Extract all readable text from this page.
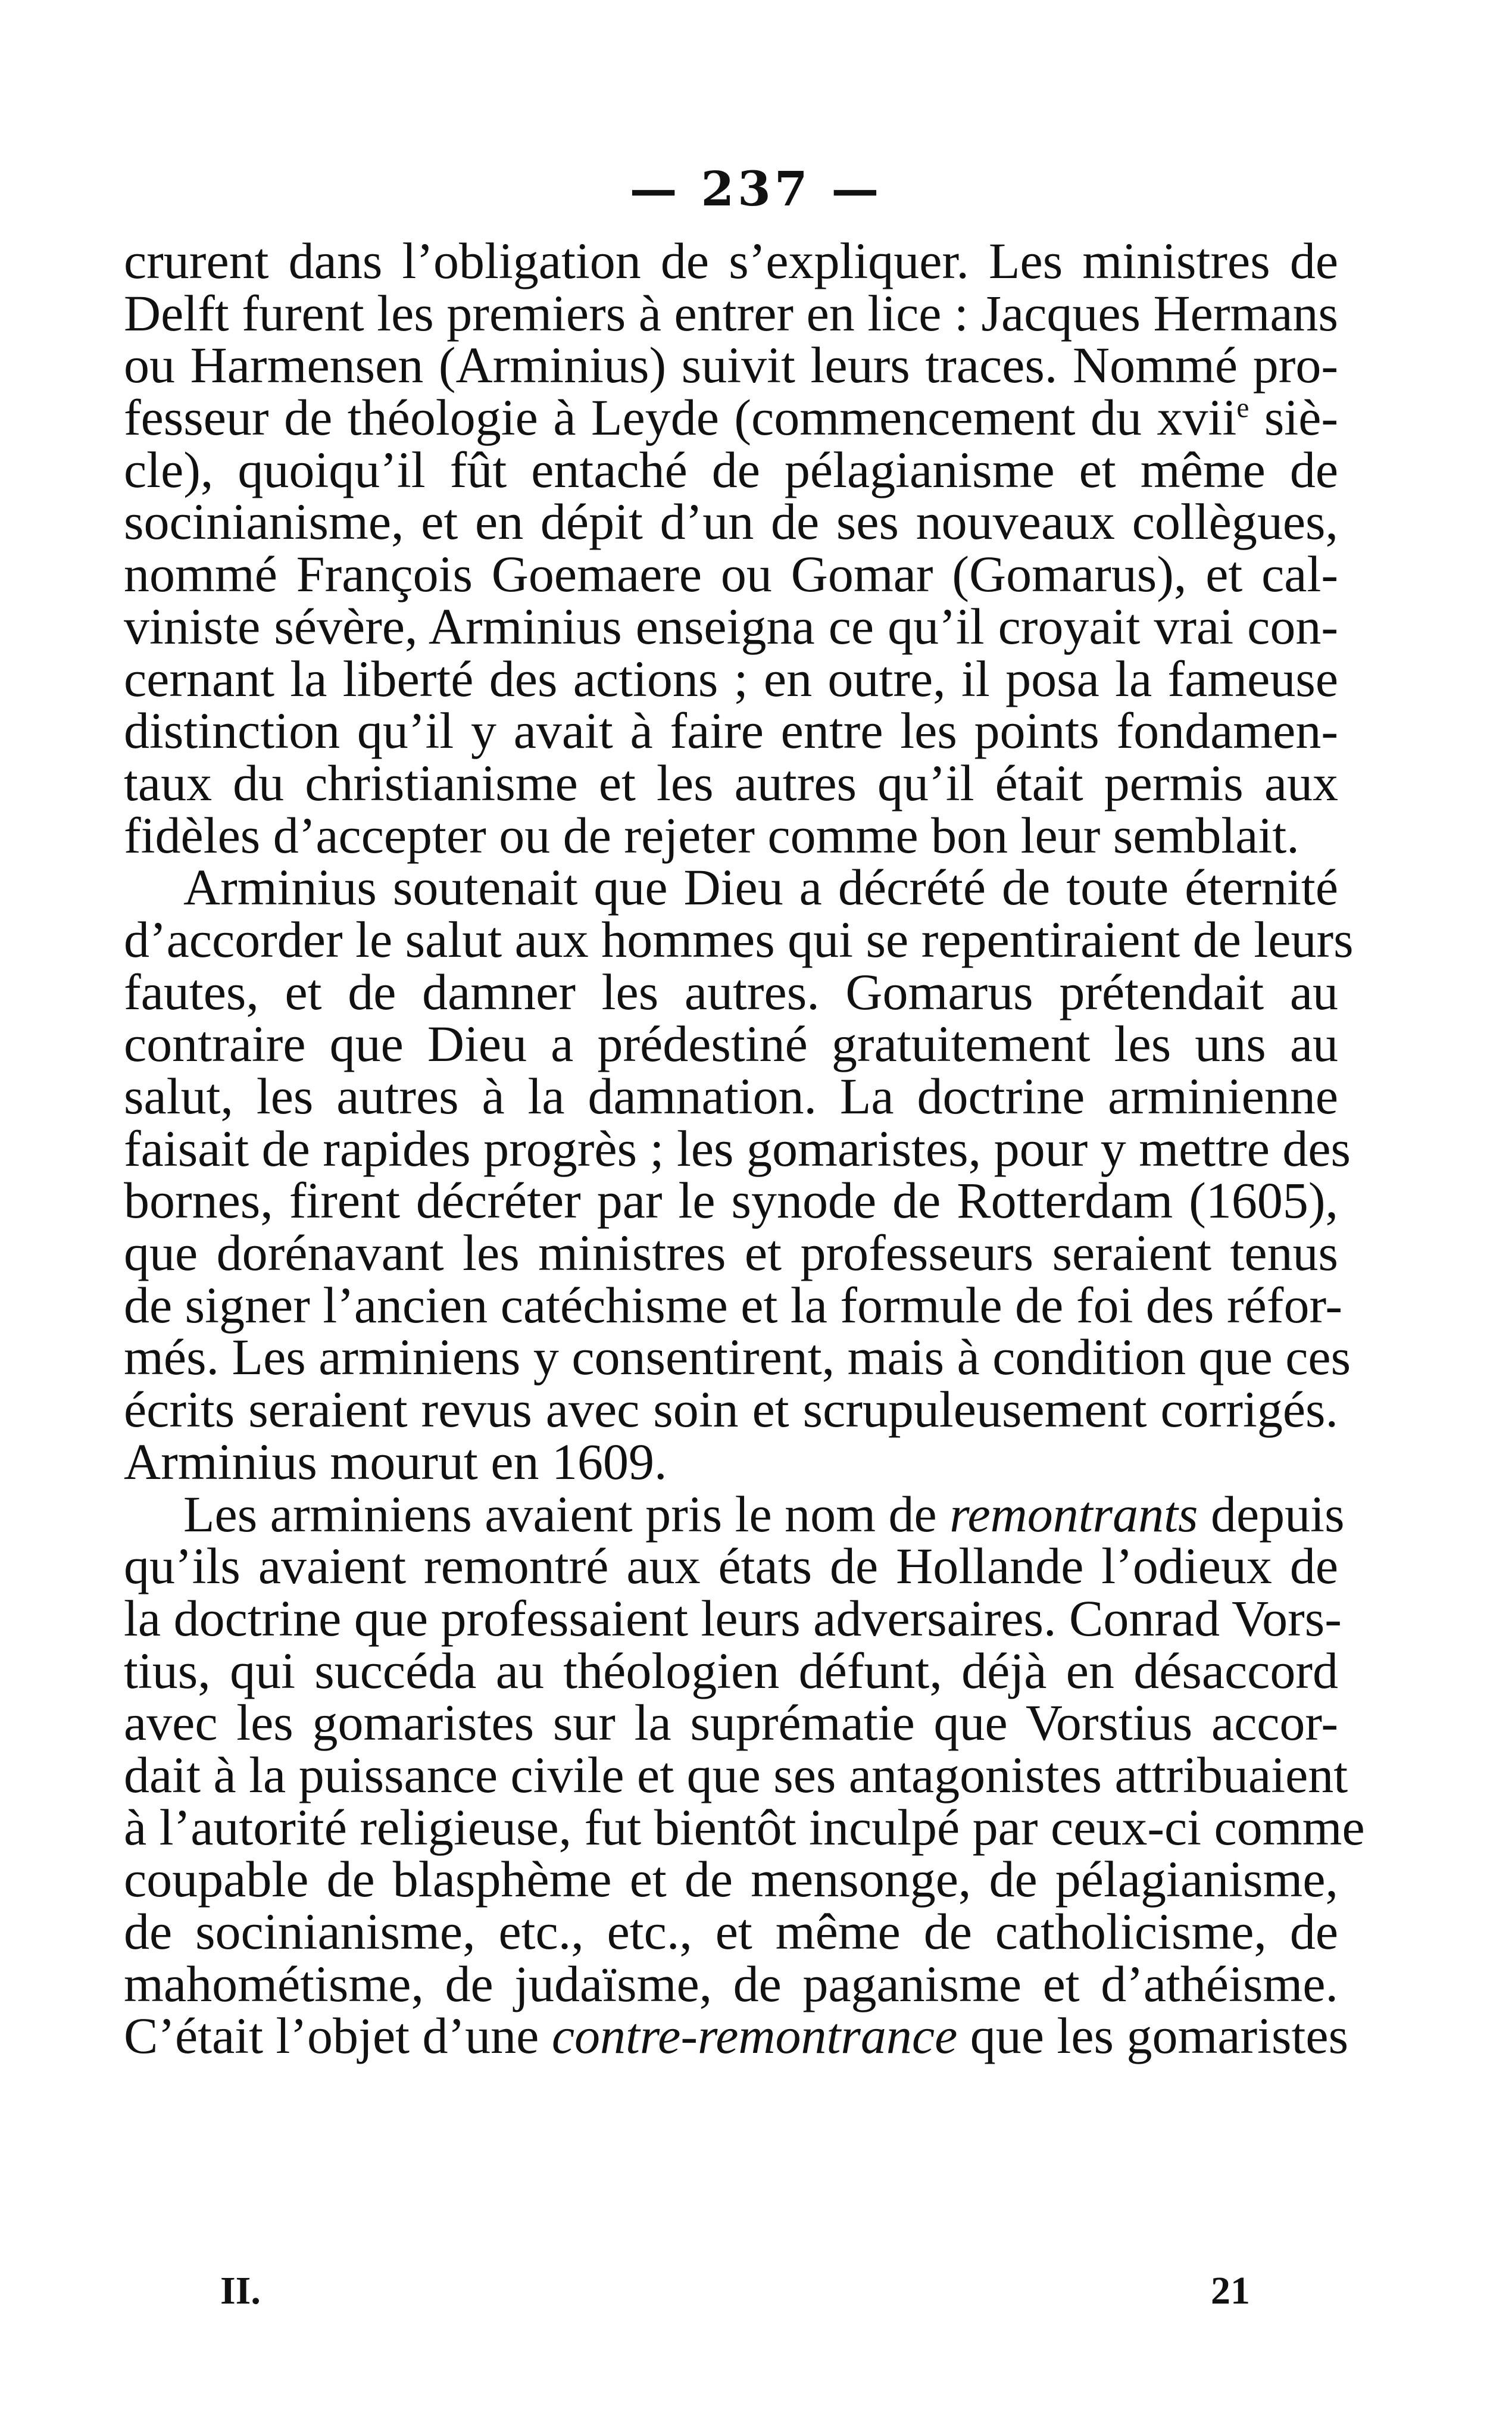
— 237 —

crurent dans l’obligation de s’expliquer. Les ministres de

Delft furent les premiers à entrer en lice : Jacques Hermans

ou Harmensen (Arminius) suivit leurs traces. Nommé pro-

fesseur de théologie à Leyde (commencement du xvii$^e$ siè-

cle), quoiqu’il fût entaché de pélagianisme et même de

socinianisme, et en dépit d’un de ses nouveaux collègues,

nommé François Goemaere ou Gomar (Gomarus), et cal-

viniste sévère, Arminius enseigna ce qu’il croyait vrai con-

cernant la liberté des actions ; en outre, il posa la fameuse

distinction qu’il y avait à faire entre les points fondamen-

taux du christianisme et les autres qu’il était permis aux

fidèles d’accepter ou de rejeter comme bon leur semblait.

Arminius soutenait que Dieu a décrété de toute éternité

d’accorder le salut aux hommes qui se repentiraient de leurs

fautes, et de damner les autres. Gomarus prétendait au

contraire que Dieu a prédestiné gratuitement les uns au

salut, les autres à la damnation. La doctrine arminienne

faisait de rapides progrès ; les gomaristes, pour y mettre des

bornes, firent décréter par le synode de Rotterdam (1605),

que dorénavant les ministres et professeurs seraient tenus

de signer l’ancien catéchisme et la formule de foi des réfor-

més. Les arminiens y consentirent, mais à condition que ces

écrits seraient revus avec soin et scrupuleusement corrigés.

Arminius mourut en 1609.

Les arminiens avaient pris le nom de remontrants depuis

qu’ils avaient remontré aux états de Hollande l’odieux de

la doctrine que professaient leurs adversaires. Conrad Vors-

tius, qui succéda au théologien défunt, déjà en désaccord

avec les gomaristes sur la suprématie que Vorstius accor-

dait à la puissance civile et que ses antagonistes attribuaient

à l’autorité religieuse, fut bientôt inculpé par ceux-ci comme

coupable de blasphème et de mensonge, de pélagianisme,

de socinianisme, etc., etc., et même de catholicisme, de

mahométisme, de judaïsme, de paganisme et d’athéisme.

C’était l’objet d’une contre-remontrance que les gomaristes

II.	21
